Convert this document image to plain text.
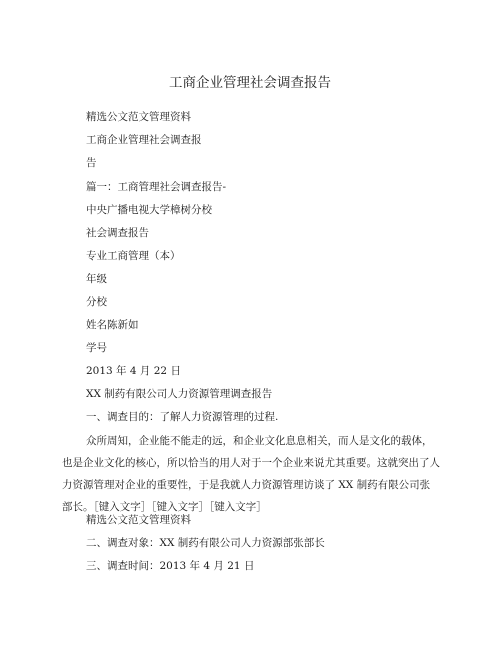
工商企业管理社会调查报告
精选公文范文管理资料
工商企业管理社会调查报
告
篇一：工商管理社会调查报告-
中央广播电视大学樟树分校
社会调查报告
专业工商管理（本）
年级
分校
姓名陈新如
学号
2013 年 4 月 22 日
XX 制药有限公司人力资源管理调查报告
一、调查目的：了解人力资源管理的过程.
众所周知，企业能不能走的远，和企业文化息息相关，而人是文化的载体，也是企业文化的核心，所以恰当的用人对于一个企业来说尤其重要。这就突出了人力资源管理对企业的重要性，于是我就人力资源管理访谈了 XX 制药有限公司张部长。［键入文字］［键入文字］［键入文字］
精选公文范文管理资料
二、调查对象：XX 制药有限公司人力资源部张部长
三、调查时间：2013 年 4 月 21 日
